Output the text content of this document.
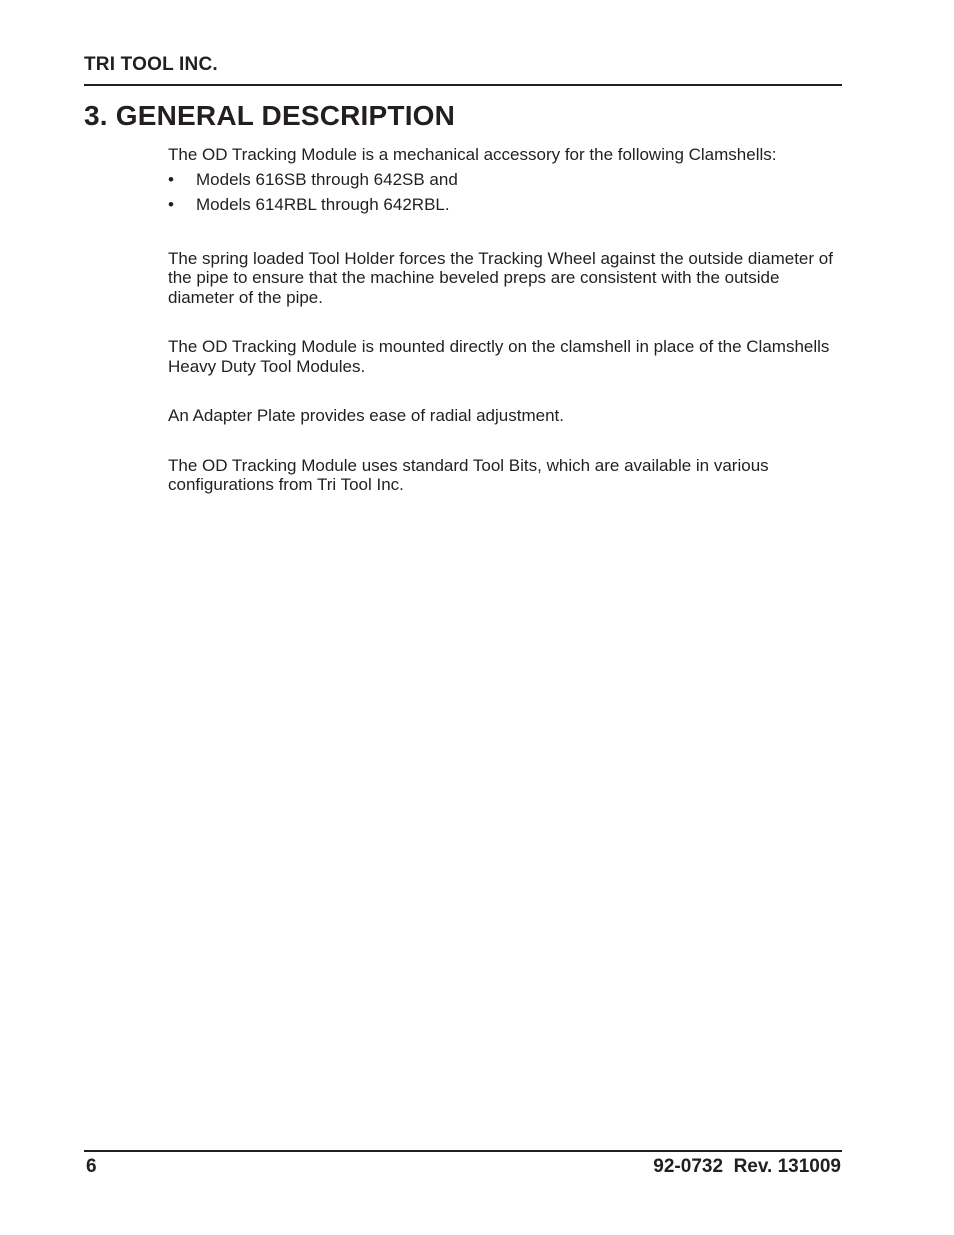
TRI TOOL INC.
3. GENERAL DESCRIPTION

The OD Tracking Module is a mechanical accessory for the following Clamshells:

• Models 616SB through 642SB and
• Models 614RBL through 642RBL.

The spring loaded Tool Holder forces the Tracking Wheel against the outside diameter of the pipe to ensure that the machine beveled preps are consistent with the outside diameter of the pipe.

The OD Tracking Module is mounted directly on the clamshell in place of the Clamshells Heavy Duty Tool Modules.

An Adapter Plate provides ease of radial adjustment.

The OD Tracking Module uses standard Tool Bits, which are available in various configurations from Tri Tool Inc.

6	92-0732  Rev. 131009
